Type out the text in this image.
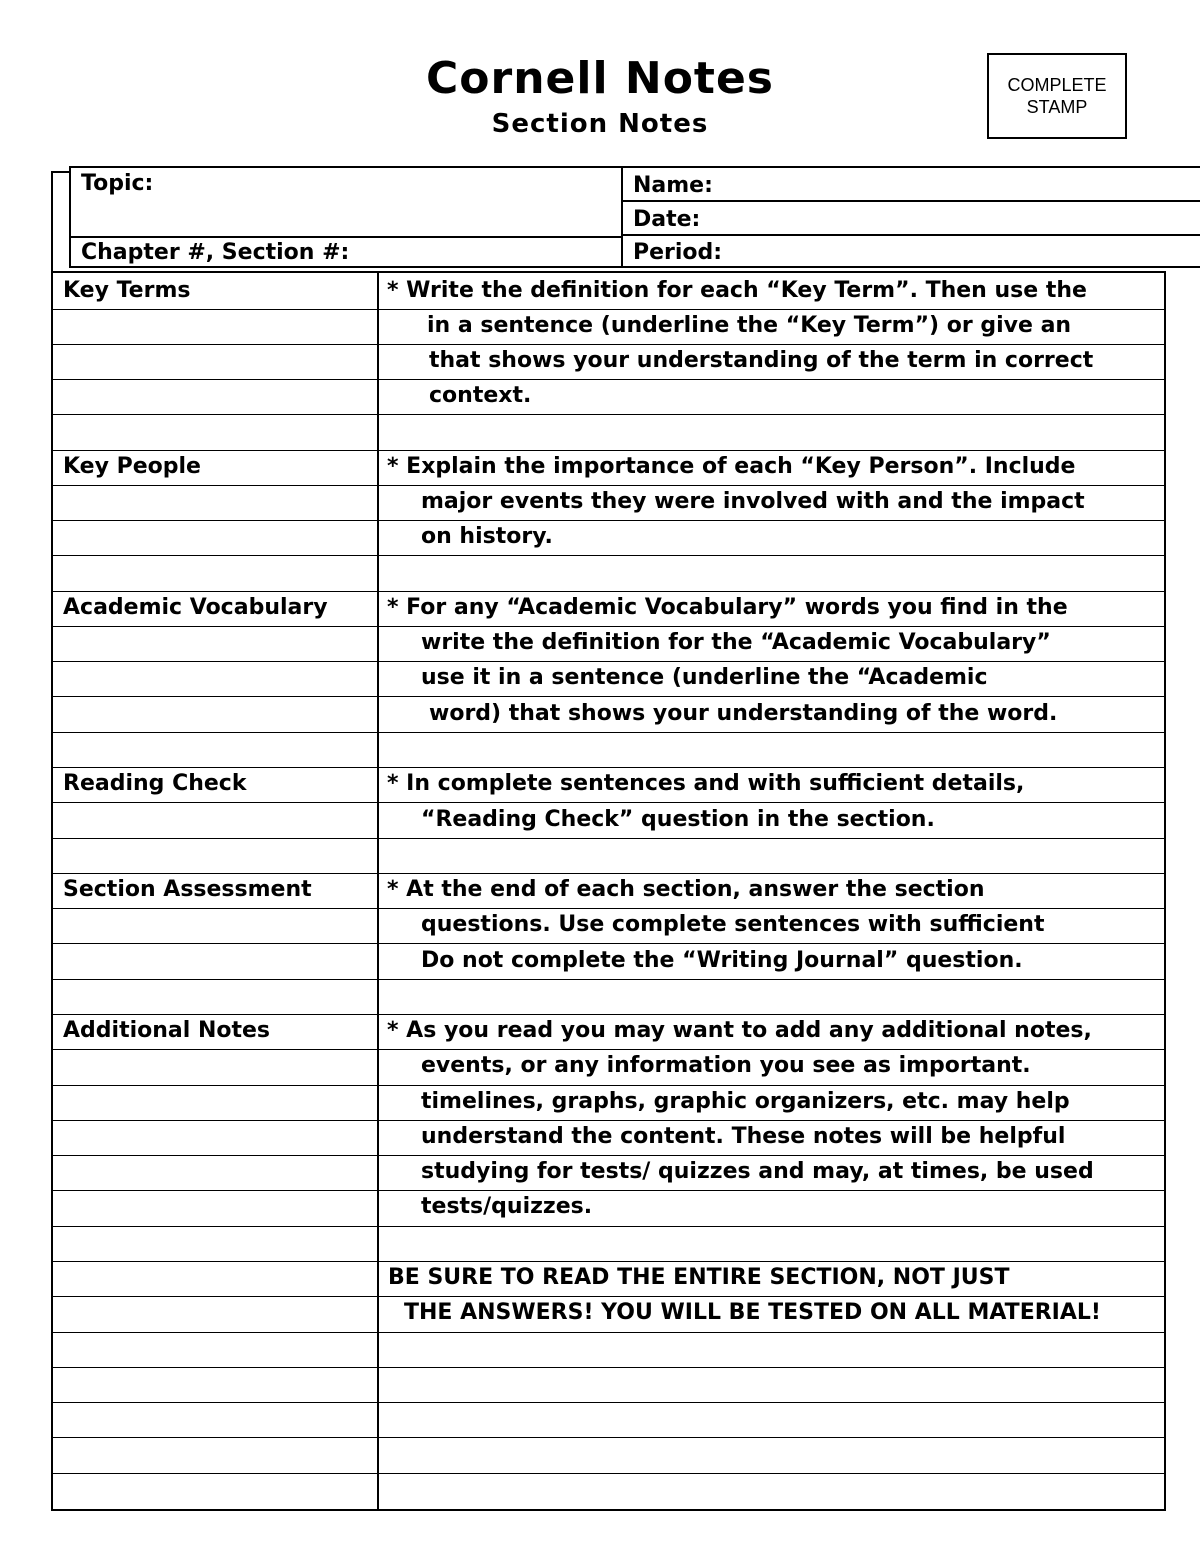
Cornell Notes
Section Notes
COMPLETE
STAMP
Topic:
Chapter #, Section #:
Name:
Date:
Period:
Key Terms	* Write the definition for each “Key Term”. Then use the
in a sentence (underline the “Key Term”) or give an
that shows your understanding of the term in correct
context.
Key People	* Explain the importance of each “Key Person”. Include
major events they were involved with and the impact
on history.
Academic Vocabulary	* For any “Academic Vocabulary” words you find in the
write the definition for the “Academic Vocabulary”
use it in a sentence (underline the “Academic
word) that shows your understanding of the word.
Reading Check	* In complete sentences and with sufficient details,
“Reading Check” question in the section.
Section Assessment	* At the end of each section, answer the section
questions. Use complete sentences with sufficient
Do not complete the “Writing Journal” question.
Additional Notes	* As you read you may want to add any additional notes,
events, or any information you see as important.
timelines, graphs, graphic organizers, etc. may help
understand the content. These notes will be helpful
studying for tests/ quizzes and may, at times, be used
tests/quizzes.
BE SURE TO READ THE ENTIRE SECTION, NOT JUST
THE ANSWERS! YOU WILL BE TESTED ON ALL MATERIAL!
